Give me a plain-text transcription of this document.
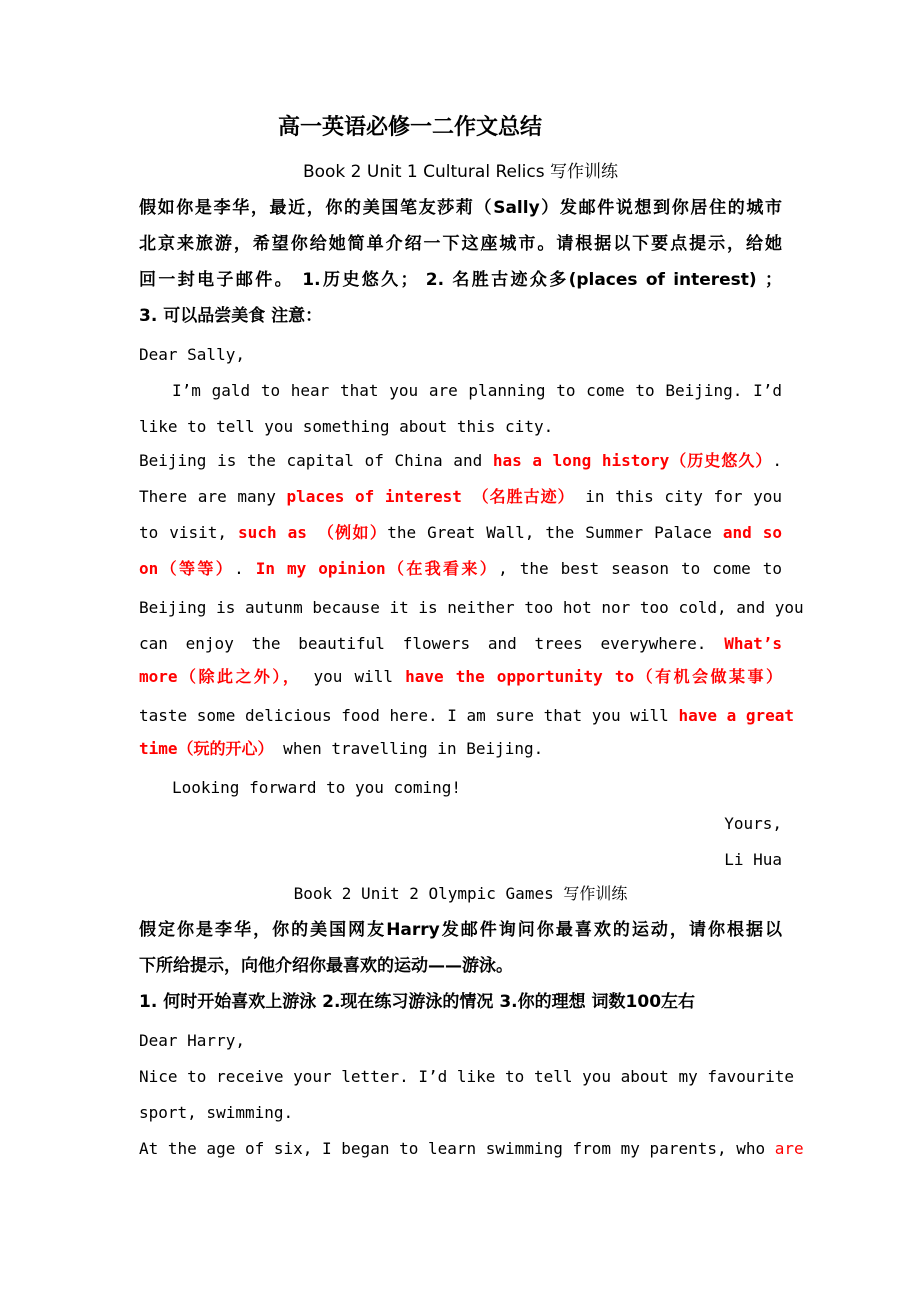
高一英语必修一二作文总结
Book 2 Unit 1 Cultural Relics 写作训练
假如你是李华，最近，你的美国笔友莎莉（Sally）发邮件说想到你居住的城市
北京来旅游，希望你给她简单介绍一下这座城市。请根据以下要点提示，给她
回一封电子邮件。 1.历史悠久； 2. 名胜古迹众多(places of interest) ；
3. 可以品尝美食 注意：
Dear Sally,
I’m gald to hear that you are planning to come to Beijing. I’d
like to tell you something about this city.
Beijing is the capital of China and has a long history（历史悠久）.
There are many places of interest （名胜古迹） in this city for you
to visit, such as （例如）the Great Wall, the Summer Palace and so
on（等等）. In my opinion（在我看来）, the best season to come to
Beijing is autunm because it is neither too hot nor too cold, and you
can enjoy the beautiful flowers and trees everywhere. What’s
more（除此之外）， you will have the opportunity to（有机会做某事）
taste some delicious food here. I am sure that you will have a great
time（玩的开心） when travelling in Beijing.
Looking forward to you coming!
Yours,
Li Hua
Book 2 Unit 2 Olympic Games 写作训练
假定你是李华，你的美国网友Harry发邮件询问你最喜欢的运动，请你根据以
下所给提示，向他介绍你最喜欢的运动——游泳。
1. 何时开始喜欢上游泳 2.现在练习游泳的情况 3.你的理想 词数100左右
Dear Harry,
Nice to receive your letter. I’d like to tell you about my favourite
sport, swimming.
At the age of six, I began to learn swimming from my parents, who are
